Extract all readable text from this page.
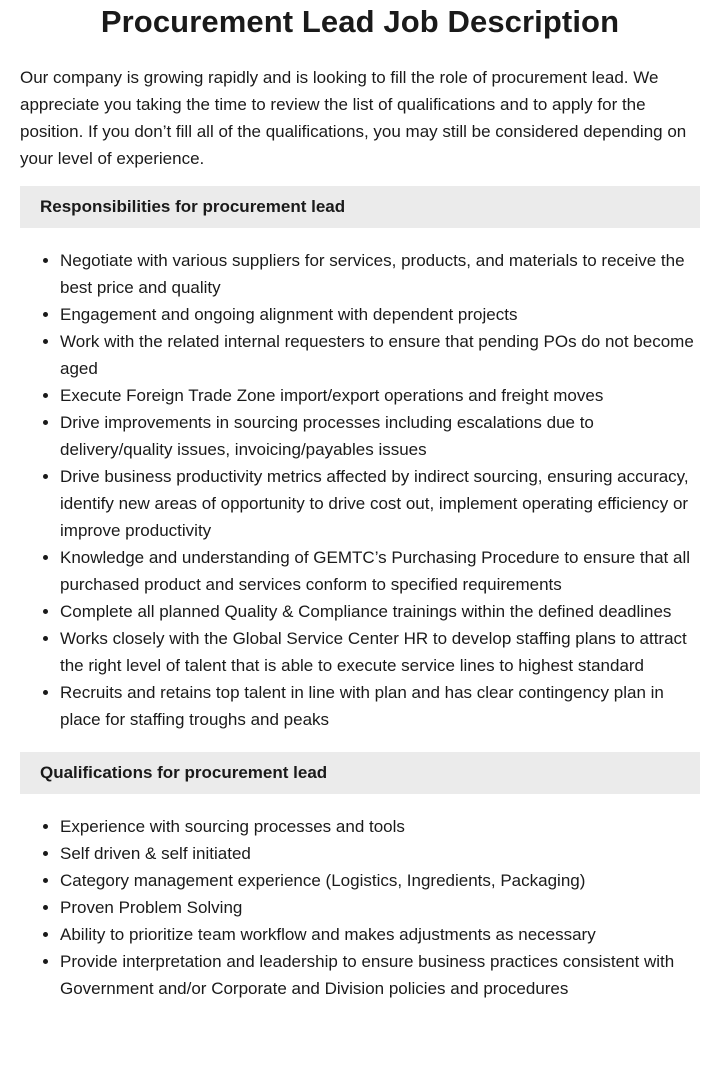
Procurement Lead Job Description

Our company is growing rapidly and is looking to fill the role of procurement lead. We appreciate you taking the time to review the list of qualifications and to apply for the position. If you don’t fill all of the qualifications, you may still be considered depending on your level of experience.

Responsibilities for procurement lead
• Negotiate with various suppliers for services, products, and materials to receive the best price and quality
• Engagement and ongoing alignment with dependent projects
• Work with the related internal requesters to ensure that pending POs do not become aged
• Execute Foreign Trade Zone import/export operations and freight moves
• Drive improvements in sourcing processes including escalations due to delivery/quality issues, invoicing/payables issues
• Drive business productivity metrics affected by indirect sourcing, ensuring accuracy, identify new areas of opportunity to drive cost out, implement operating efficiency or improve productivity
• Knowledge and understanding of GEMTC’s Purchasing Procedure to ensure that all purchased product and services conform to specified requirements
• Complete all planned Quality & Compliance trainings within the defined deadlines
• Works closely with the Global Service Center HR to develop staffing plans to attract the right level of talent that is able to execute service lines to highest standard
• Recruits and retains top talent in line with plan and has clear contingency plan in place for staffing troughs and peaks
Qualifications for procurement lead
• Experience with sourcing processes and tools
• Self driven & self initiated
• Category management experience (Logistics, Ingredients, Packaging)
• Proven Problem Solving
• Ability to prioritize team workflow and makes adjustments as necessary
• Provide interpretation and leadership to ensure business practices consistent with Government and/or Corporate and Division policies and procedures
